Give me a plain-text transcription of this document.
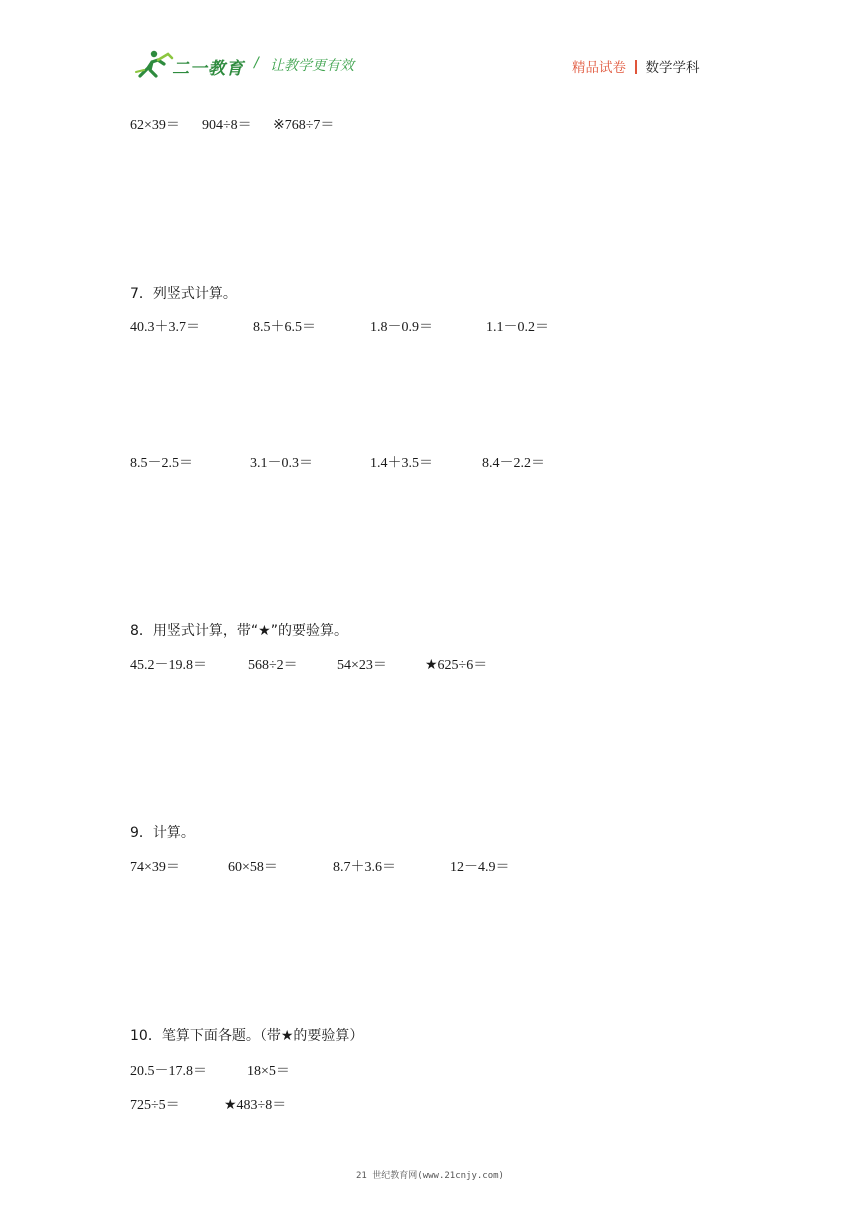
二一教育 / 让教学更有效	精品试卷 数学学科
62×39＝ 904÷8＝ ※768÷7＝
7．列竖式计算。
40.3＋3.7＝	8.5＋6.5＝	1.8－0.9＝	1.1－0.2＝
8.5－2.5＝	3.1－0.3＝	1.4＋3.5＝	8.4－2.2＝
8．用竖式计算，带“★”的要验算。
45.2－19.8＝	568÷2＝	54×23＝	★625÷6＝
9．计算。
74×39＝	60×58＝	8.7＋3.6＝	12－4.9＝
10．笔算下面各题。（带★的要验算）
20.5－17.8＝	18×5＝
725÷5＝	★483÷8＝
21 世纪教育网(www.21cnjy.com)
